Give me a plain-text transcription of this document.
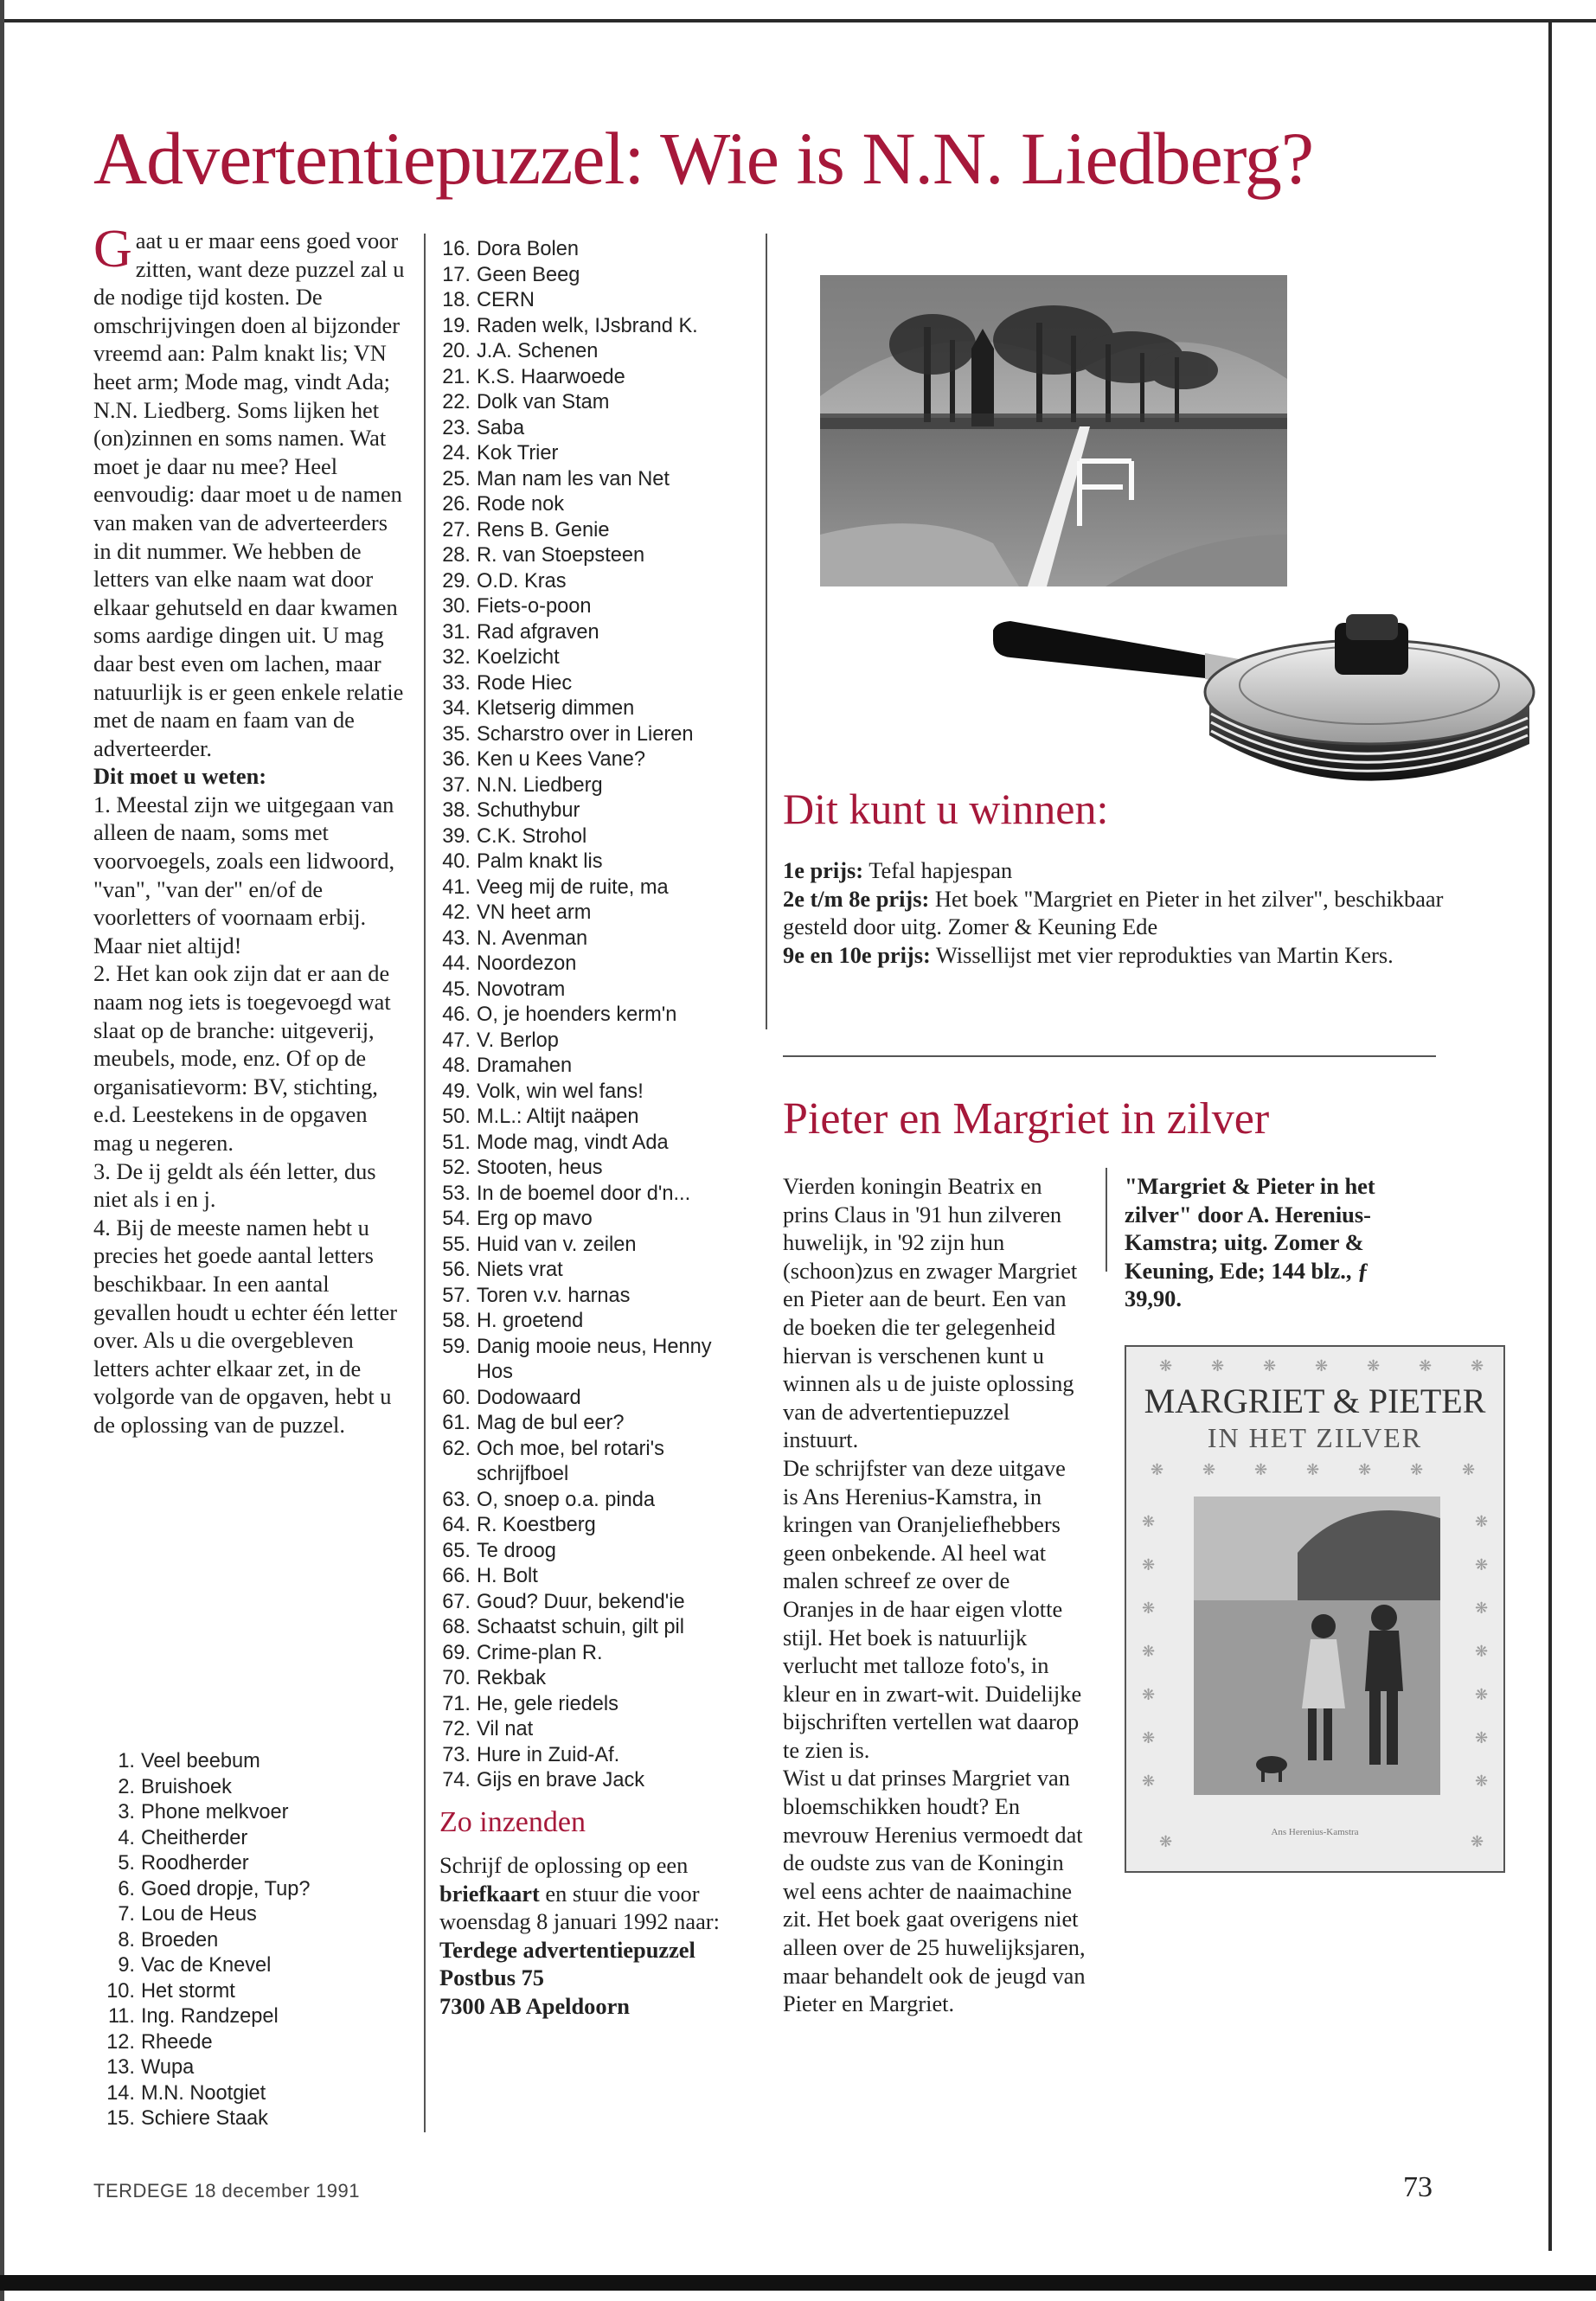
Advertentiepuzzel: Wie is N.N. Liedberg?

Gaat u er maar eens goed voor zitten, want deze puzzel zal u de nodige tijd kosten. De omschrijvingen doen al bijzonder vreemd aan: Palm knakt lis; VN heet arm; Mode mag, vindt Ada; N.N. Liedberg. Soms lijken het (on)zinnen en soms namen. Wat moet je daar nu mee? Heel eenvoudig: daar moet u de namen van maken van de adverteerders in dit nummer. We hebben de letters van elke naam wat door elkaar gehutseld en daar kwamen soms aardige dingen uit. U mag daar best even om lachen, maar natuurlijk is er geen enkele relatie met de naam en faam van de adverteerder.

Dit moet u weten:

1. Meestal zijn we uitgegaan van alleen de naam, soms met voorvoegels, zoals een lidwoord, "van", "van der" en/of de voorletters of voornaam erbij. Maar niet altijd!

2. Het kan ook zijn dat er aan de naam nog iets is toegevoegd wat slaat op de branche: uitgeverij, meubels, mode, enz. Of op de organisatievorm: BV, stichting, e.d. Leestekens in de opgaven mag u negeren.

3. De ij geldt als één letter, dus niet als i en j.

4. Bij de meeste namen hebt u precies het goede aantal letters beschikbaar. In een aantal gevallen houdt u echter één letter over. Als u die overgebleven letters achter elkaar zet, in de volgorde van de opgaven, hebt u de oplossing van de puzzel.

1. Veel beebum
2. Bruishoek
3. Phone melkvoer
4. Cheitherder
5. Roodherder
6. Goed dropje, Tup?
7. Lou de Heus
8. Broeden
9. Vac de Knevel
10. Het stormt
11. Ing. Randzepel
12. Rheede
13. Wupa
14. M.N. Nootgiet
15. Schiere Staak
16. Dora Bolen
17. Geen Beeg
18. CERN
19. Raden welk, IJsbrand K.
20. J.A. Schenen
21. K.S. Haarwoede
22. Dolk van Stam
23. Saba
24. Kok Trier
25. Man nam les van Net
26. Rode nok
27. Rens B. Genie
28. R. van Stoepsteen
29. O.D. Kras
30. Fiets-o-poon
31. Rad afgraven
32. Koelzicht
33. Rode Hiec
34. Kletserig dimmen
35. Scharstro over in Lieren
36. Ken u Kees Vane?
37. N.N. Liedberg
38. Schuthybur
39. C.K. Strohol
40. Palm knakt lis
41. Veeg mij de ruite, ma
42. VN heet arm
43. N. Avenman
44. Noordezon
45. Novotram
46. O, je hoenders kerm'n
47. V. Berlop
48. Dramahen
49. Volk, win wel fans!
50. M.L.: Altijt naäpen
51. Mode mag, vindt Ada
52. Stooten, heus
53. In de boemel door d'n...
54. Erg op mavo
55. Huid van v. zeilen
56. Niets vrat
57. Toren v.v. harnas
58. H. groetend
59. Danig mooie neus, Henny Hos
60. Dodowaard
61. Mag de bul eer?
62. Och moe, bel rotari's schrijfboel
63. O, snoep o.a. pinda
64. R. Koestberg
65. Te droog
66. H. Bolt
67. Goud? Duur, bekend'ie
68. Schaatst schuin, gilt pil
69. Crime-plan R.
70. Rekbak
71. He, gele riedels
72. Vil nat
73. Hure in Zuid-Af.
74. Gijs en brave Jack
Zo inzenden

Schrijf de oplossing op een briefkaart en stuur die voor woensdag 8 januari 1992 naar:

Terdege advertentiepuzzel

Postbus 75

7300 AB Apeldoorn

Dit kunt u winnen:

1e prijs: Tefal hapjespan

2e t/m 8e prijs: Het boek "Margriet en Pieter in het zilver", beschikbaar gesteld door uitg. Zomer & Keuning Ede

9e en 10e prijs: Wissellijst met vier reprodukties van Martin Kers.

Pieter en Margriet in zilver

Vierden koningin Beatrix en prins Claus in '91 hun zilveren huwelijk, in '92 zijn hun (schoon)zus en zwager Margriet en Pieter aan de beurt. Een van de boeken die ter gelegenheid hiervan is verschenen kunt u winnen als u de juiste oplossing van de advertentiepuzzel instuurt.

De schrijfster van deze uitgave is Ans Herenius-Kamstra, in kringen van Oranjeliefhebbers geen onbekende. Al heel wat malen schreef ze over de Oranjes in de haar eigen vlotte stijl. Het boek is natuurlijk verlucht met talloze foto's, in kleur en in zwart-wit. Duidelijke bijschriften vertellen wat daarop te zien is.

Wist u dat prinses Margriet van bloemschikken houdt? En mevrouw Herenius vermoedt dat de oudste zus van de Koningin wel eens achter de naaimachine zit. Het boek gaat overigens niet alleen over de 25 huwelijksjaren, maar behandelt ook de jeugd van Pieter en Margriet.

"Margriet & Pieter in het zilver" door A. Herenius-Kamstra; uitg. Zomer & Keuning, Ede; 144 blz., ƒ 39,90.
❋ ❋ ❋ ❋ ❋ ❋ ❋
❋ ❋ ❋ ❋ ❋ ❋ ❋
❋
❋
❋
❋
❋
❋
❋
❋
❋
❋
❋
❋
❋
❋
❋	❋
MARGRIET & PIETER
IN HET ZILVER
Ans Herenius-Kamstra
TERDEGE 18 december 1991	73
